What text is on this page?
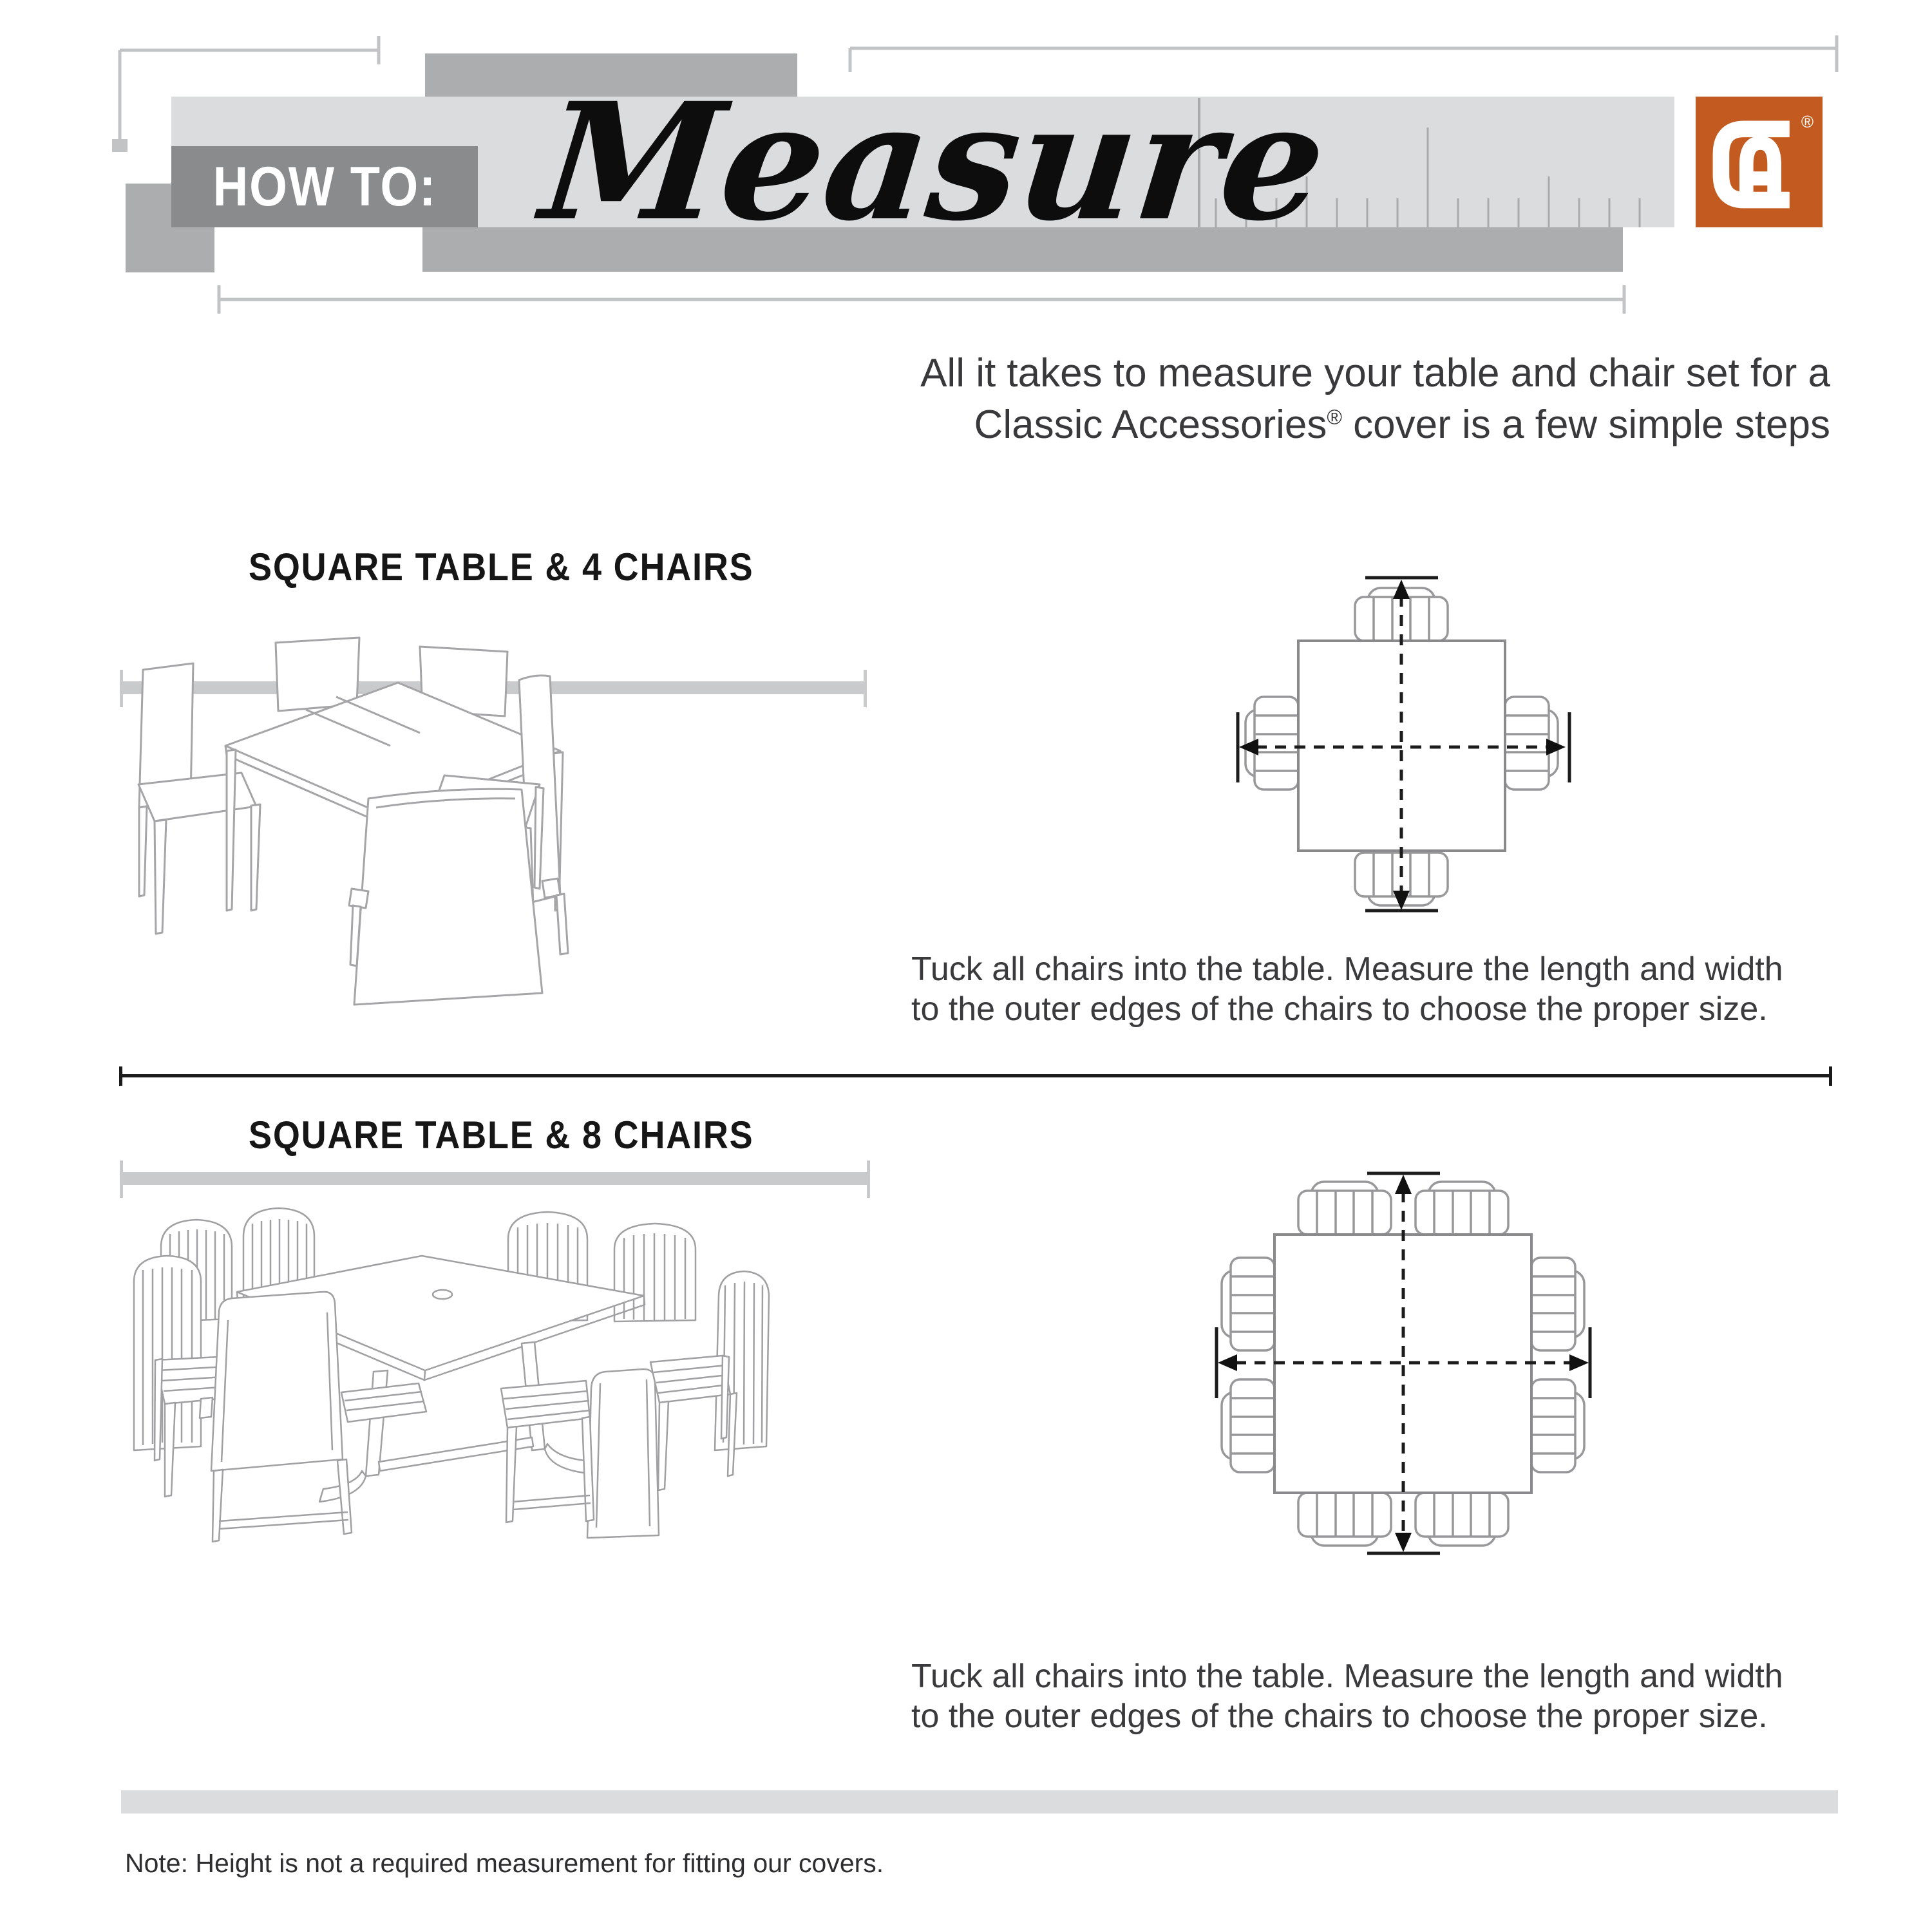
HOW TO: Measure	®
All it takes to measure your table and chair set for a
Classic Accessories® cover is a few simple steps
SQUARE TABLE & 4 CHAIRS
Tuck all chairs into the table. Measure the length and width
to the outer edges of the chairs to choose the proper size.
SQUARE TABLE & 8 CHAIRS
Tuck all chairs into the table. Measure the length and width
to the outer edges of the chairs to choose the proper size.
Note: Height is not a required measurement for fitting our covers.
